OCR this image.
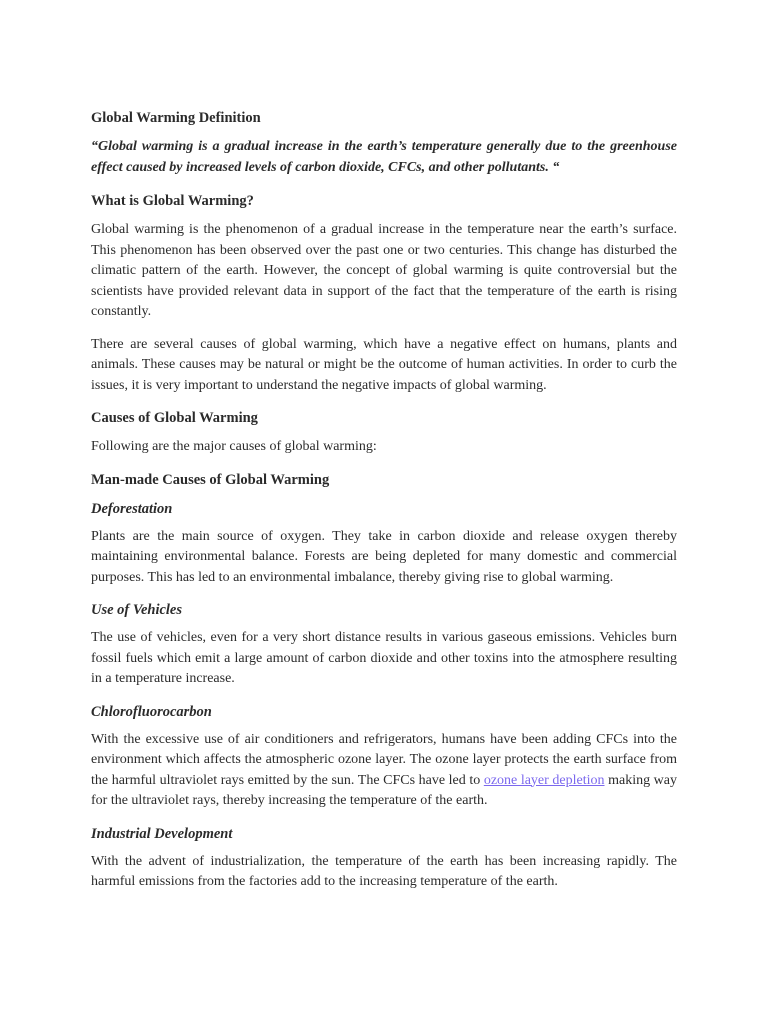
Global Warming Definition

“Global warming is a gradual increase in the earth’s temperature generally due to the greenhouse effect caused by increased levels of carbon dioxide, CFCs, and other pollutants. “

What is Global Warming?

Global warming is the phenomenon of a gradual increase in the temperature near the earth’s surface. This phenomenon has been observed over the past one or two centuries. This change has disturbed the climatic pattern of the earth. However, the concept of global warming is quite controversial but the scientists have provided relevant data in support of the fact that the temperature of the earth is rising constantly.

There are several causes of global warming, which have a negative effect on humans, plants and animals. These causes may be natural or might be the outcome of human activities. In order to curb the issues, it is very important to understand the negative impacts of global warming.

Causes of Global Warming

Following are the major causes of global warming:

Man-made Causes of Global Warming
Deforestation

Plants are the main source of oxygen. They take in carbon dioxide and release oxygen thereby maintaining environmental balance. Forests are being depleted for many domestic and commercial purposes. This has led to an environmental imbalance, thereby giving rise to global warming.

Use of Vehicles

The use of vehicles, even for a very short distance results in various gaseous emissions. Vehicles burn fossil fuels which emit a large amount of carbon dioxide and other toxins into the atmosphere resulting in a temperature increase.

Chlorofluorocarbon

With the excessive use of air conditioners and refrigerators, humans have been adding CFCs into the environment which affects the atmospheric ozone layer. The ozone layer protects the earth surface from the harmful ultraviolet rays emitted by the sun. The CFCs have led to ozone layer depletion making way for the ultraviolet rays, thereby increasing the temperature of the earth.

Industrial Development

With the advent of industrialization, the temperature of the earth has been increasing rapidly. The harmful emissions from the factories add to the increasing temperature of the earth.
